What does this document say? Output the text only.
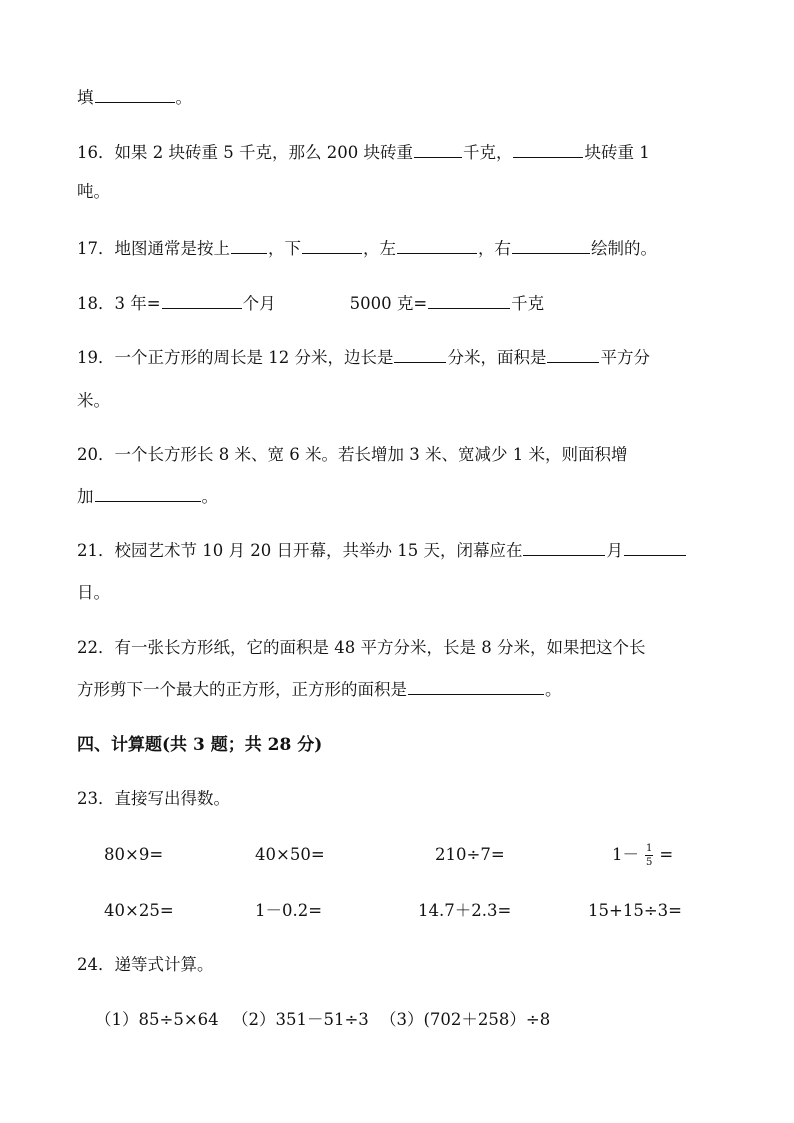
填	。
16．如果 2 块砖重 5 千克，那么 200 块砖重	千克，	块砖重 1
吨。
17．地图通常是按上 ，下	，左	，右	绘制的。
18．3 年=	个月	5000 克=	千克
19．一个正方形的周长是 12 分米，边长是	分米，面积是	平方分
米。
20．一个长方形长 8 米、宽 6 米。若长增加 3 米、宽减少 1 米，则面积增
加	。
21．校园艺术节 10 月 20 日开幕，共举办 15 天，闭幕应在	月
日。
22．有一张长方形纸，它的面积是 48 平方分米，长是 8 分米，如果把这个长
方形剪下一个最大的正方形，正方形的面积是	。
四、计算题(共 3 题；共 28 分)
23．直接写出得数。
80×9=	40×50=	210÷7=	$1- \frac{1}{5}$ =
40×25=	1－0.2=	14.7＋2.3=	15+15÷3=
24．递等式计算。
（1）85÷5×64 （2）351－51÷3 （3）(702＋258）÷8
